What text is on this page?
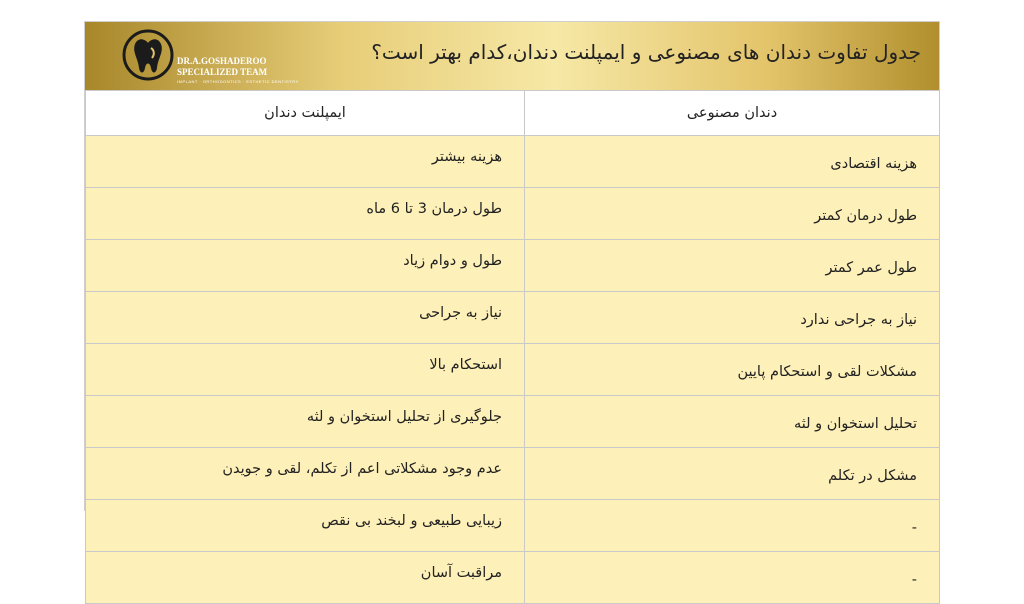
DR.A.GOSHADEROO
SPECIALIZED TEAM
IMPLANT · ORTHODONTICS · ESTHETIC DENTISTRY
جدول تفاوت دندان های مصنوعی و ایمپلنت دندان،کدام بهتر است؟
دندان مصنوعی	ایمپلنت دندان
هزینه اقتصادی	هزینه بیشتر
طول درمان کمتر	طول درمان 3 تا 6 ماه
طول عمر کمتر	طول و دوام زیاد
نیاز به جراحی ندارد	نیاز به جراحی
مشکلات لقی و استحکام پایین	استحکام بالا
تحلیل استخوان و لثه	جلوگیری از تحلیل استخوان و لثه
مشکل در تکلم	عدم وجود مشکلاتی اعم از تکلم، لقی و جویدن
-	زیبایی طبیعی و لبخند بی نقص
-	مراقبت آسان
